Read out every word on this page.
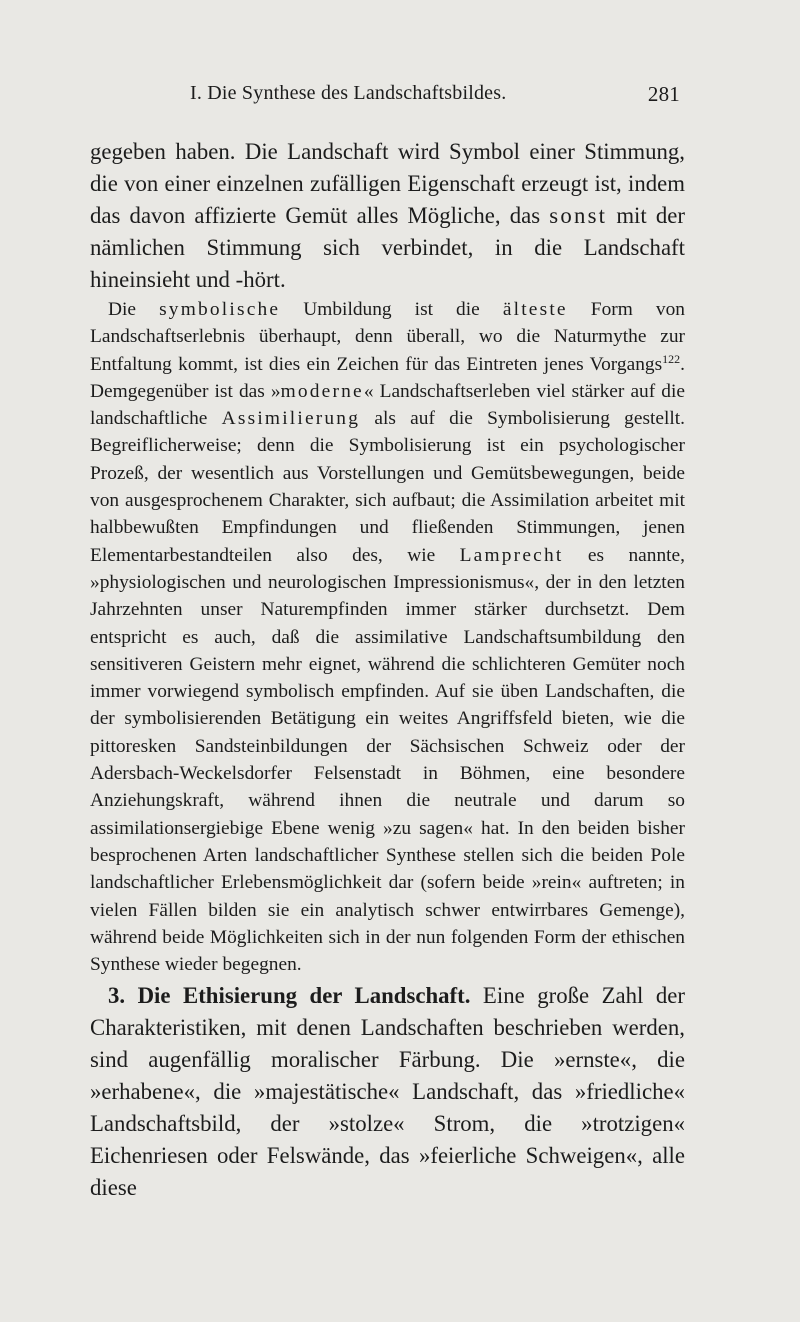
I. Die Synthese des Landschaftsbildes.	281

gegeben haben. Die Landschaft wird Symbol einer Stimmung, die von einer einzelnen zufälligen Eigenschaft erzeugt ist, indem das davon affizierte Gemüt alles Mögliche, das sonst mit der nämlichen Stimmung sich verbindet, in die Landschaft hineinsieht und -hört.

Die symbolische Umbildung ist die älteste Form von Landschaftserlebnis überhaupt, denn überall, wo die Naturmythe zur Entfaltung kommt, ist dies ein Zeichen für das Eintreten jenes Vorgangs$^{122}$. Demgegenüber ist das »moderne« Landschaftserleben viel stärker auf die landschaftliche Assimilierung als auf die Symbolisierung gestellt. Begreiflicherweise; denn die Symbolisierung ist ein psychologischer Prozeß, der wesentlich aus Vorstellungen und Gemütsbewegungen, beide von ausgesprochenem Charakter, sich aufbaut; die Assimilation arbeitet mit halbbewußten Empfindungen und fließenden Stimmungen, jenen Elementarbestandteilen also des, wie Lamprecht es nannte, »physiologischen und neurologischen Impressionismus«, der in den letzten Jahrzehnten unser Naturempfinden immer stärker durchsetzt. Dem entspricht es auch, daß die assimilative Landschaftsumbildung den sensitiveren Geistern mehr eignet, während die schlichteren Gemüter noch immer vorwiegend symbolisch empfinden. Auf sie üben Landschaften, die der symbolisierenden Betätigung ein weites Angriffsfeld bieten, wie die pittoresken Sandsteinbildungen der Sächsischen Schweiz oder der Adersbach-Weckelsdorfer Felsenstadt in Böhmen, eine besondere Anziehungskraft, während ihnen die neutrale und darum so assimilationsergiebige Ebene wenig »zu sagen« hat. In den beiden bisher besprochenen Arten landschaftlicher Synthese stellen sich die beiden Pole landschaftlicher Erlebensmöglichkeit dar (sofern beide »rein« auftreten; in vielen Fällen bilden sie ein analytisch schwer entwirrbares Gemenge), während beide Möglichkeiten sich in der nun folgenden Form der ethischen Synthese wieder begegnen.

3. Die Ethisierung der Landschaft. Eine große Zahl der Charakteristiken, mit denen Landschaften beschrieben werden, sind augenfällig moralischer Färbung. Die »ernste«, die »erhabene«, die »majestätische« Landschaft, das »friedliche« Landschaftsbild, der »stolze« Strom, die »trotzigen« Eichenriesen oder Felswände, das »feierliche Schweigen«, alle diese
